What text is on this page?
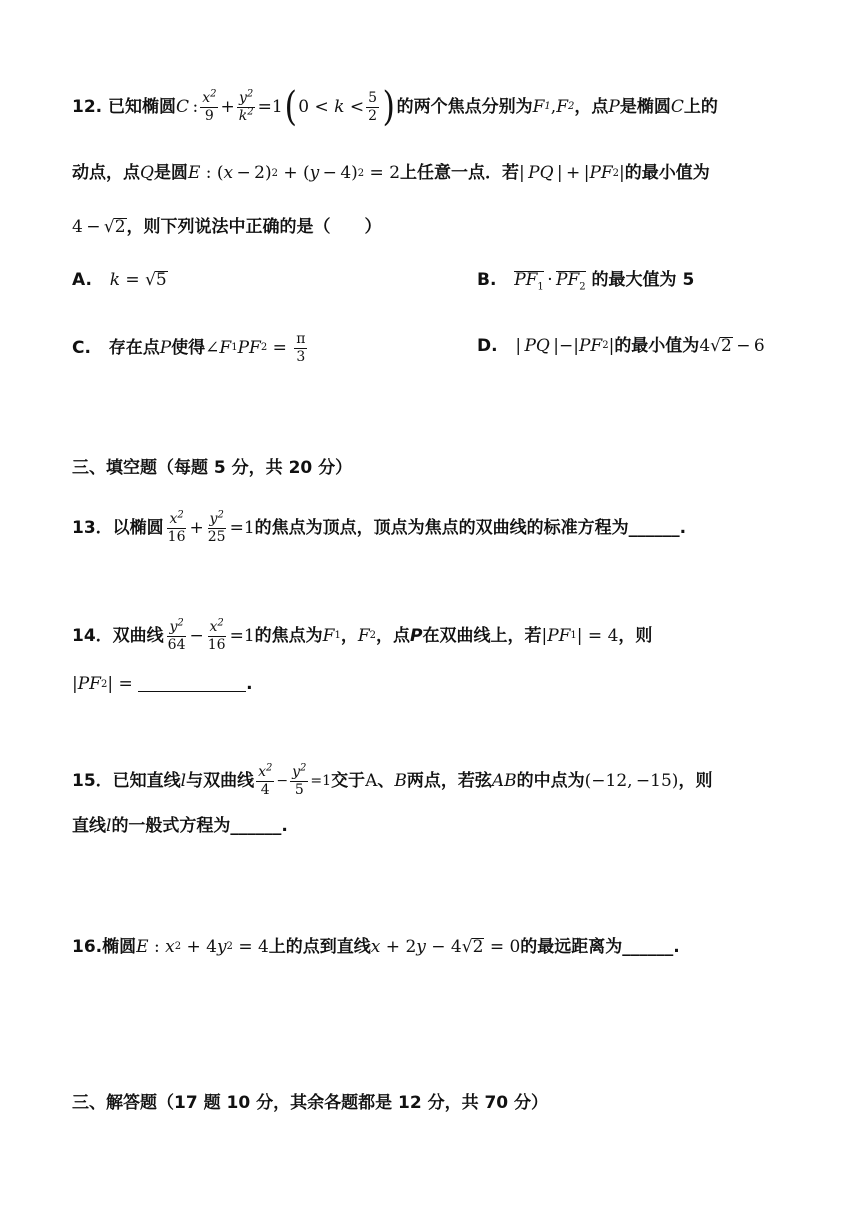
12.
已知椭圆 C  : $\frac{x^2}{9} + \frac{y^2}{k^2} =1$ ( 0
< $k < \frac{5}{2}$ ) 的两个焦点分别为 F 1 , F 2 ，点 P 是椭圆 C 上的
动点，点 Q 是圆 E : ( x  − 2) 2 + ( y  − 4) 2 = 2 上任意一点．若 |  PQ  |  +  | PF 2 | 的最小值为
4 −  √ 2 ，则下列说法中正确的是（　　）
A.
k = √ 5	B.
$PF_1 \cdot PF_2$
的最大值为 5
C.
存在点 P 使得 ∠ F 1 PF $2 = \frac{\pi}{3}$	D.
|  PQ  | − | PF 2 | 的最小值为 4 √ 2  − 6
三、填空题（每题 5 分，共 20 分）
13． 以椭圆 $\frac{x^2}{16} + \frac{y^2}{25} =1$ 的焦点为顶点，顶点为焦点的双曲线的标准方程为______.
14． 双曲线 $\frac{y^2}{64} - \frac{x^2}{16} =1$ 的焦点为 F 1 ， F 2 ，点 P 在双曲线上，若 | PF 1 | = 4 ，则
| PF 2 | =	.
15． 已知直线 l 与双曲线 $\frac{x^2}{4} - \frac{y^2}{5} =1$ 交于 A 、 B 两点，若弦 AB 的中点为 (−12, −15) ，则
直线 l 的一般式方程为______.
16. 椭圆 E : x 2 + 4 y 2 = 4 上的点到直线 x + 2 y − 4 √ 2 = 0 的最远距离为______.
三、解答题（17 题 10 分，其余各题都是 12 分，共 70 分）
